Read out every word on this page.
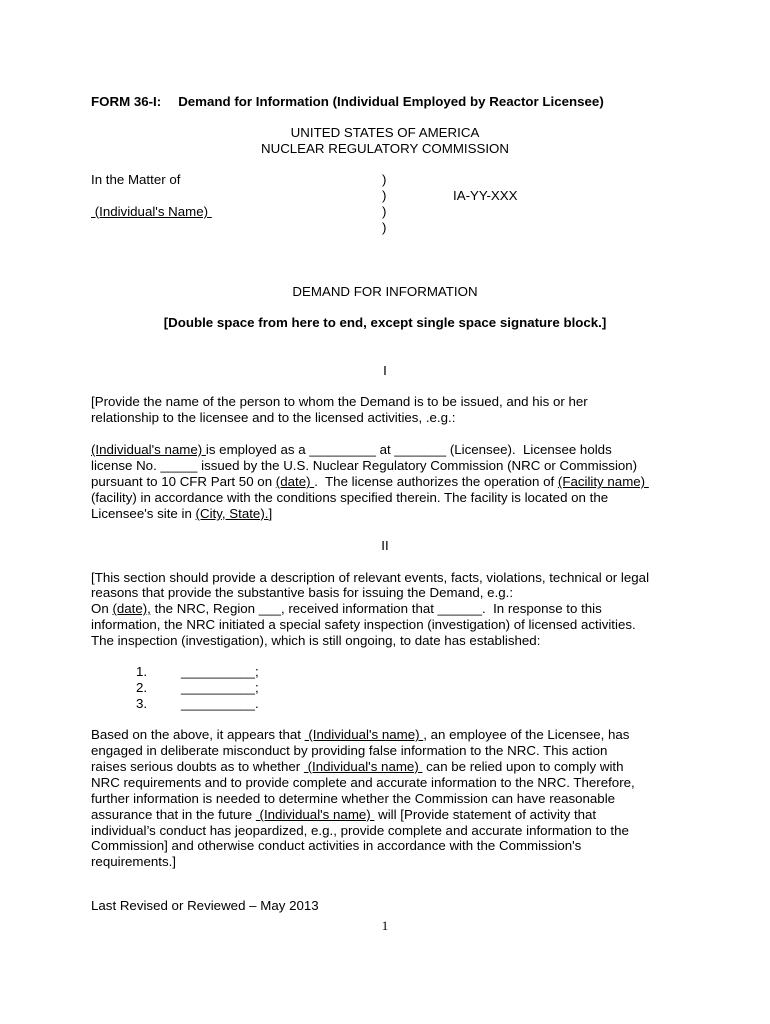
FORM 36-I: Demand for Information (Individual Employed by Reactor Licensee)
UNITED STATES OF AMERICA
NUCLEAR REGULATORY COMMISSION
In the Matter of
(Individual's Name)
)
)
)
)
IA-YY-XXX
DEMAND FOR INFORMATION
[Double space from here to end, except single space signature block.]
I
[Provide the name of the person to whom the Demand is to be issued, and his or her
relationship to the licensee and to the licensed activities, .e.g.:
(Individual's name) is employed as a _________ at _______ (Licensee).  Licensee holds
license No. _____ issued by the U.S. Nuclear Regulatory Commission (NRC or Commission)
pursuant to 10 CFR Part 50 on (date) .  The license authorizes the operation of (Facility name)
(facility) in accordance with the conditions specified therein. The facility is located on the
Licensee's site in (City, State).]
II
[This section should provide a description of relevant events, facts, violations, technical or legal
reasons that provide the substantive basis for issuing the Demand, e.g.:
On (date), the NRC, Region ___, received information that ______.  In response to this
information, the NRC initiated a special safety inspection (investigation) of licensed activities.
The inspection (investigation), which is still ongoing, to date has established:
1.	__________;
2.	__________;
3.	__________.
Based on the above, it appears that  (Individual's name) , an employee of the Licensee, has
engaged in deliberate misconduct by providing false information to the NRC. This action
raises serious doubts as to whether  (Individual's name)  can be relied upon to comply with
NRC requirements and to provide complete and accurate information to the NRC. Therefore,
further information is needed to determine whether the Commission can have reasonable
assurance that in the future  (Individual's name)  will [Provide statement of activity that
individual’s conduct has jeopardized, e.g., provide complete and accurate information to the
Commission] and otherwise conduct activities in accordance with the Commission's
requirements.]
Last Revised or Reviewed – May 2013
1
